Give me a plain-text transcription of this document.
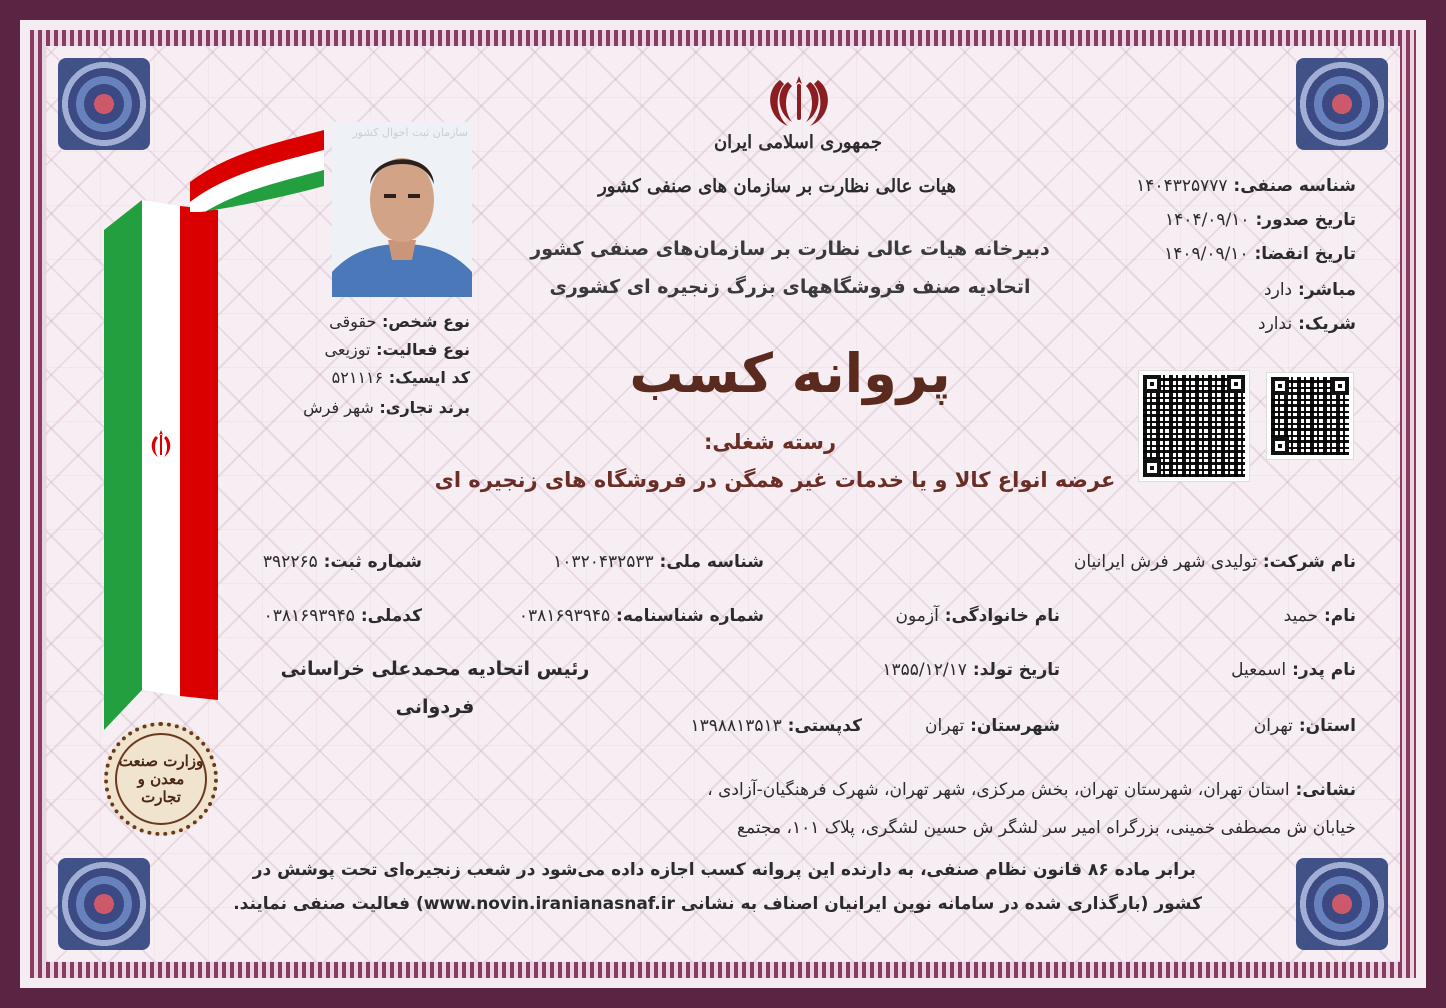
جمهوری اسلامی ایران
هیات عالی نظارت بر سازمان های صنفی کشور
دبیرخانه هیات عالی نظارت بر سازمان‌های صنفی کشور
اتحادیه صنف فروشگاههای بزرگ زنجیره ای کشوری
پروانه کسب
رسته شغلی:
عرضه انواع کالا و یا خدمات غیر همگن در فروشگاه های زنجیره ای
شناسه صنفی: ۱۴۰۴۳۲۵۷۷۷
تاریخ صدور: ۱۴۰۴/۰۹/۱۰
تاریخ انقضا: ۱۴۰۹/۰۹/۱۰
مباشر: دارد
شریک: ندارد
سازمان ثبت احوال کشور
نوع شخص: حقوقی
نوع فعالیت: توزیعی
کد ایسیک: ۵۲۱۱۱۶
برند تجاری: شهر فرش
وزارت صنعت معدن و تجارت
نام شرکت: تولیدی شهر فرش ایرانیان
شناسه ملی: ۱۰۳۲۰۴۳۲۵۳۳
شماره ثبت: ۳۹۲۲۶۵
نام: حمید
نام خانوادگی: آزمون
شماره شناسنامه: ۰۳۸۱۶۹۳۹۴۵
کدملی: ۰۳۸۱۶۹۳۹۴۵
نام پدر: اسمعیل
تاریخ تولد: ۱۳۵۵/۱۲/۱۷
رئیس اتحادیه محمدعلی خراسانی
فردوانی
استان: تهران
شهرستان: تهران
کدپستی: ۱۳۹۸۸۱۳۵۱۳
نشانی: استان تهران، شهرستان تهران، بخش مرکزی، شهر تهران، شهرک فرهنگیان-آزادی ،
خیابان ش مصطفی خمینی، بزرگراه امیر سر لشگر ش حسین لشگری، پلاک ۱۰۱، مجتمع
برابر ماده ۸۶ قانون نظام صنفی، به دارنده این پروانه کسب اجازه داده می‌شود در شعب زنجیره‌ای تحت پوشش در
کشور (بارگذاری شده در سامانه نوین ایرانیان اصناف به نشانی www.novin.iranianasnaf.ir) فعالیت صنفی نمایند.
